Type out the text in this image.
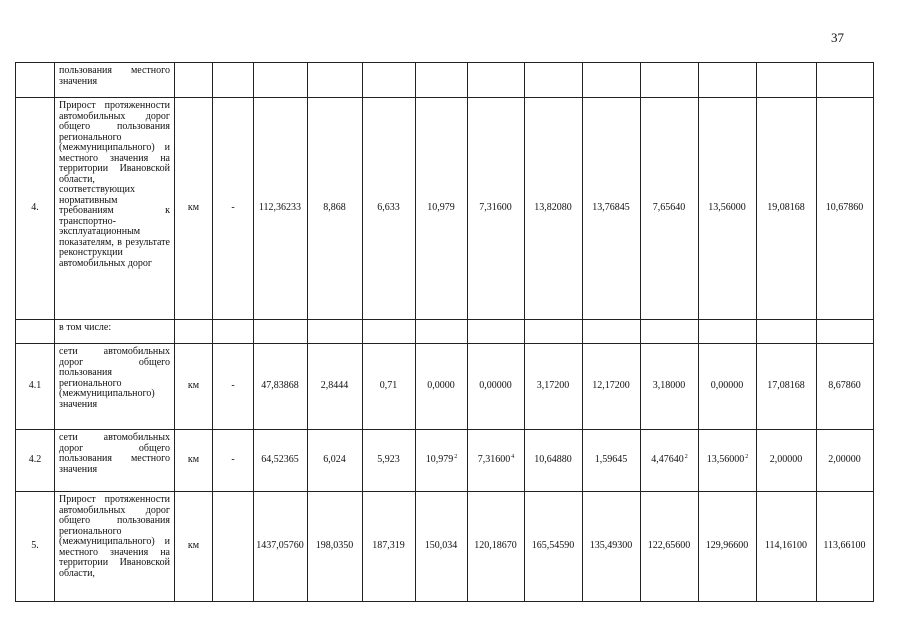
37
	пользования местного значения													
4.	Прирост протяженности автомобильных дорог общего пользования регионального (межмуниципального) и местного значения на территории Ивановской области, соответствующих нормативным требованиям к транспортно-эксплуатационным показателям, в результате реконструкции автомобильных дорог	км	-	112,36233	8,868	6,633	10,979	7,31600	13,82080	13,76845	7,65640	13,56000	19,08168	10,67860
	в том числе:													
4.1	сети автомобильных дорог общего пользования регионального (межмуниципального) значения	км	-	47,83868	2,8444	0,71	0,0000	0,00000	3,17200	12,17200	3,18000	0,00000	17,08168	8,67860
4.2	сети автомобильных дорог общего пользования местного значения	км	-	64,52365	6,024	5,923	10,979$^2$	7,31600$^4$	10,64880	1,59645	4,47640$^2$	13,56000$^2$	2,00000	2,00000
5.	Прирост протяженности автомобильных дорог общего пользования регионального (межмуниципального) и местного значения на территории Ивановской области,	км		1437,05760	198,0350	187,319	150,034	120,18670	165,54590	135,49300	122,65600	129,96600	114,16100	113,66100
